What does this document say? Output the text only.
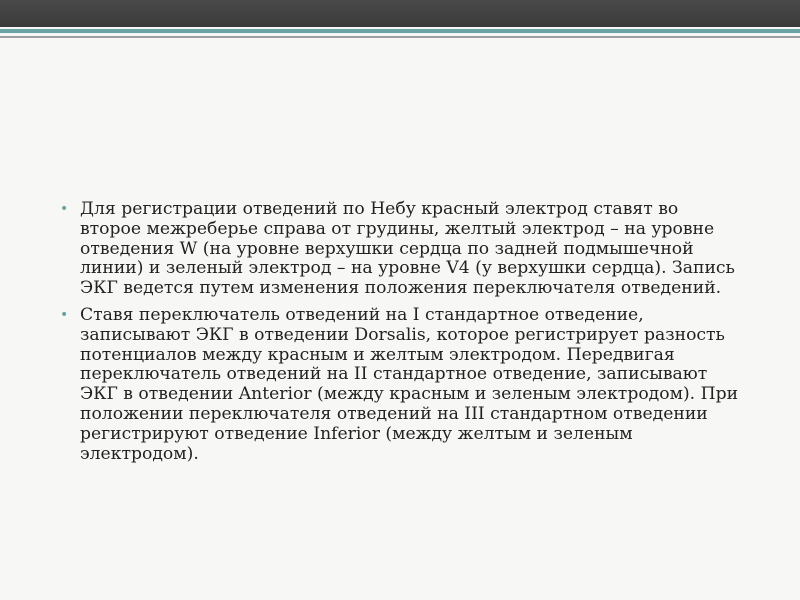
• Для регистрации отведений по Небу красный электрод ставят во второе межреберье справа от грудины, желтый электрод – на уровне отведения W (на уровне верхушки сердца по задней подмышечной линии) и зеленый электрод – на уровне V4 (у верхушки сердца). Запись ЭКГ ведется путем изменения положения переключателя отведений.
• Ставя переключатель отведений на I стандартное отведение, записывают ЭКГ в отведении Dorsalis, которое регистрирует разность потенциалов между красным и желтым электродом. Передвигая переключатель отведений на II стандартное отведение, записывают ЭКГ в отведении Anterior (между красным и зеленым электродом). При положении переключателя отведений на III стандартном отведении регистрируют отведение Inferior (между желтым и зеленым электродом).
